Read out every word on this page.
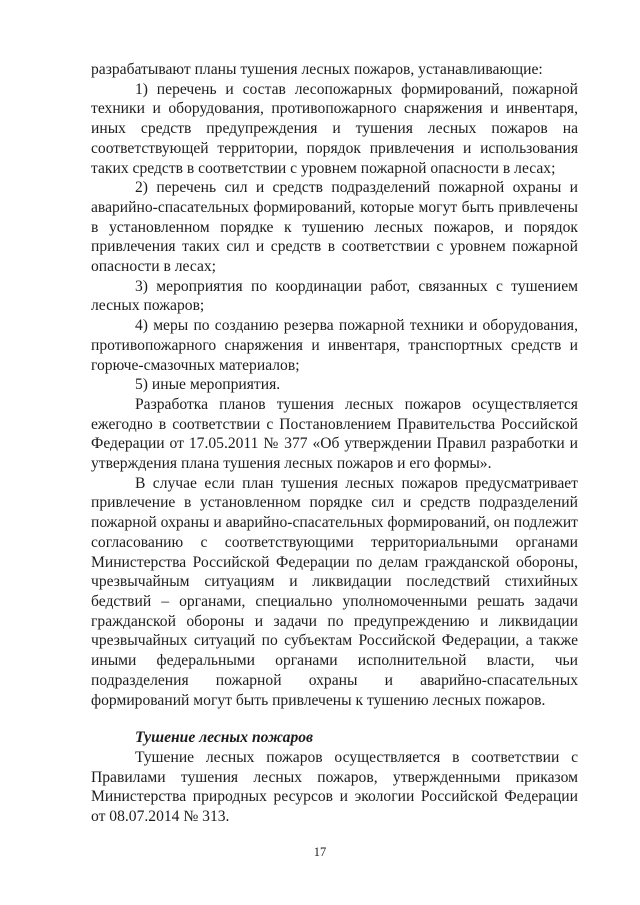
разрабатывают планы тушения лесных пожаров, устанавливающие:

1) перечень и состав лесопожарных формирований, пожарной техники и оборудования, противопожарного снаряжения и инвентаря, иных средств предупреждения и тушения лесных пожаров на соответствующей территории, порядок привлечения и использования таких средств в соответствии с уровнем пожарной опасности в лесах;

2) перечень сил и средств подразделений пожарной охраны и аварийно-спасательных формирований, которые могут быть привлечены в установленном порядке к тушению лесных пожаров, и порядок привлечения таких сил и средств в соответствии с уровнем пожарной опасности в лесах;

3) мероприятия по координации работ, связанных с тушением лесных пожаров;

4) меры по созданию резерва пожарной техники и оборудования, противопожарного снаряжения и инвентаря, транспортных средств и горюче-смазочных материалов;

5) иные мероприятия.

Разработка планов тушения лесных пожаров осуществляется ежегодно в соответствии с Постановлением Правительства Российской Федерации от 17.05.2011 № 377 «Об утверждении Правил разработки и утверждения плана тушения лесных пожаров и его формы».

В случае если план тушения лесных пожаров предусматривает привлечение в установленном порядке сил и средств подразделений пожарной охраны и аварийно-спасательных формирований, он подлежит согласованию с соответствующими территориальными органами Министерства Российской Федерации по делам гражданской обороны, чрезвычайным ситуациям и ликвидации последствий стихийных бедствий – органами, специально уполномоченными решать задачи гражданской обороны и задачи по предупреждению и ликвидации чрезвычайных ситуаций по субъектам Российской Федерации, а также иными федеральными органами исполнительной власти, чьи подразделения пожарной охраны и аварийно-спасательных формирований могут быть привлечены к тушению лесных пожаров.

Тушение лесных пожаров

Тушение лесных пожаров осуществляется в соответствии с Правилами тушения лесных пожаров, утвержденными приказом Министерства природных ресурсов и экологии Российской Федерации от 08.07.2014 № 313.

17
